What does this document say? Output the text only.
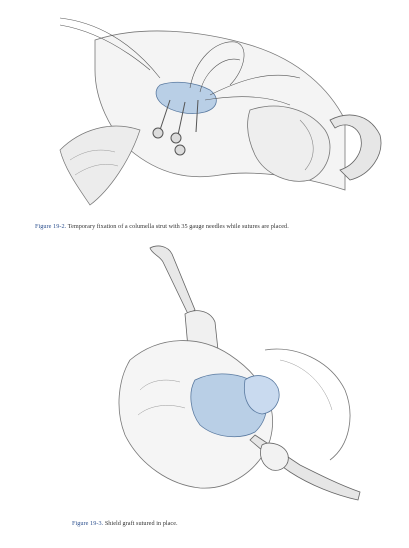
Figure 19-2. Temporary fixation of a columella strut with 35 gauge needles while sutures are placed.
Figure 19-3. Shield graft sutured in place.
